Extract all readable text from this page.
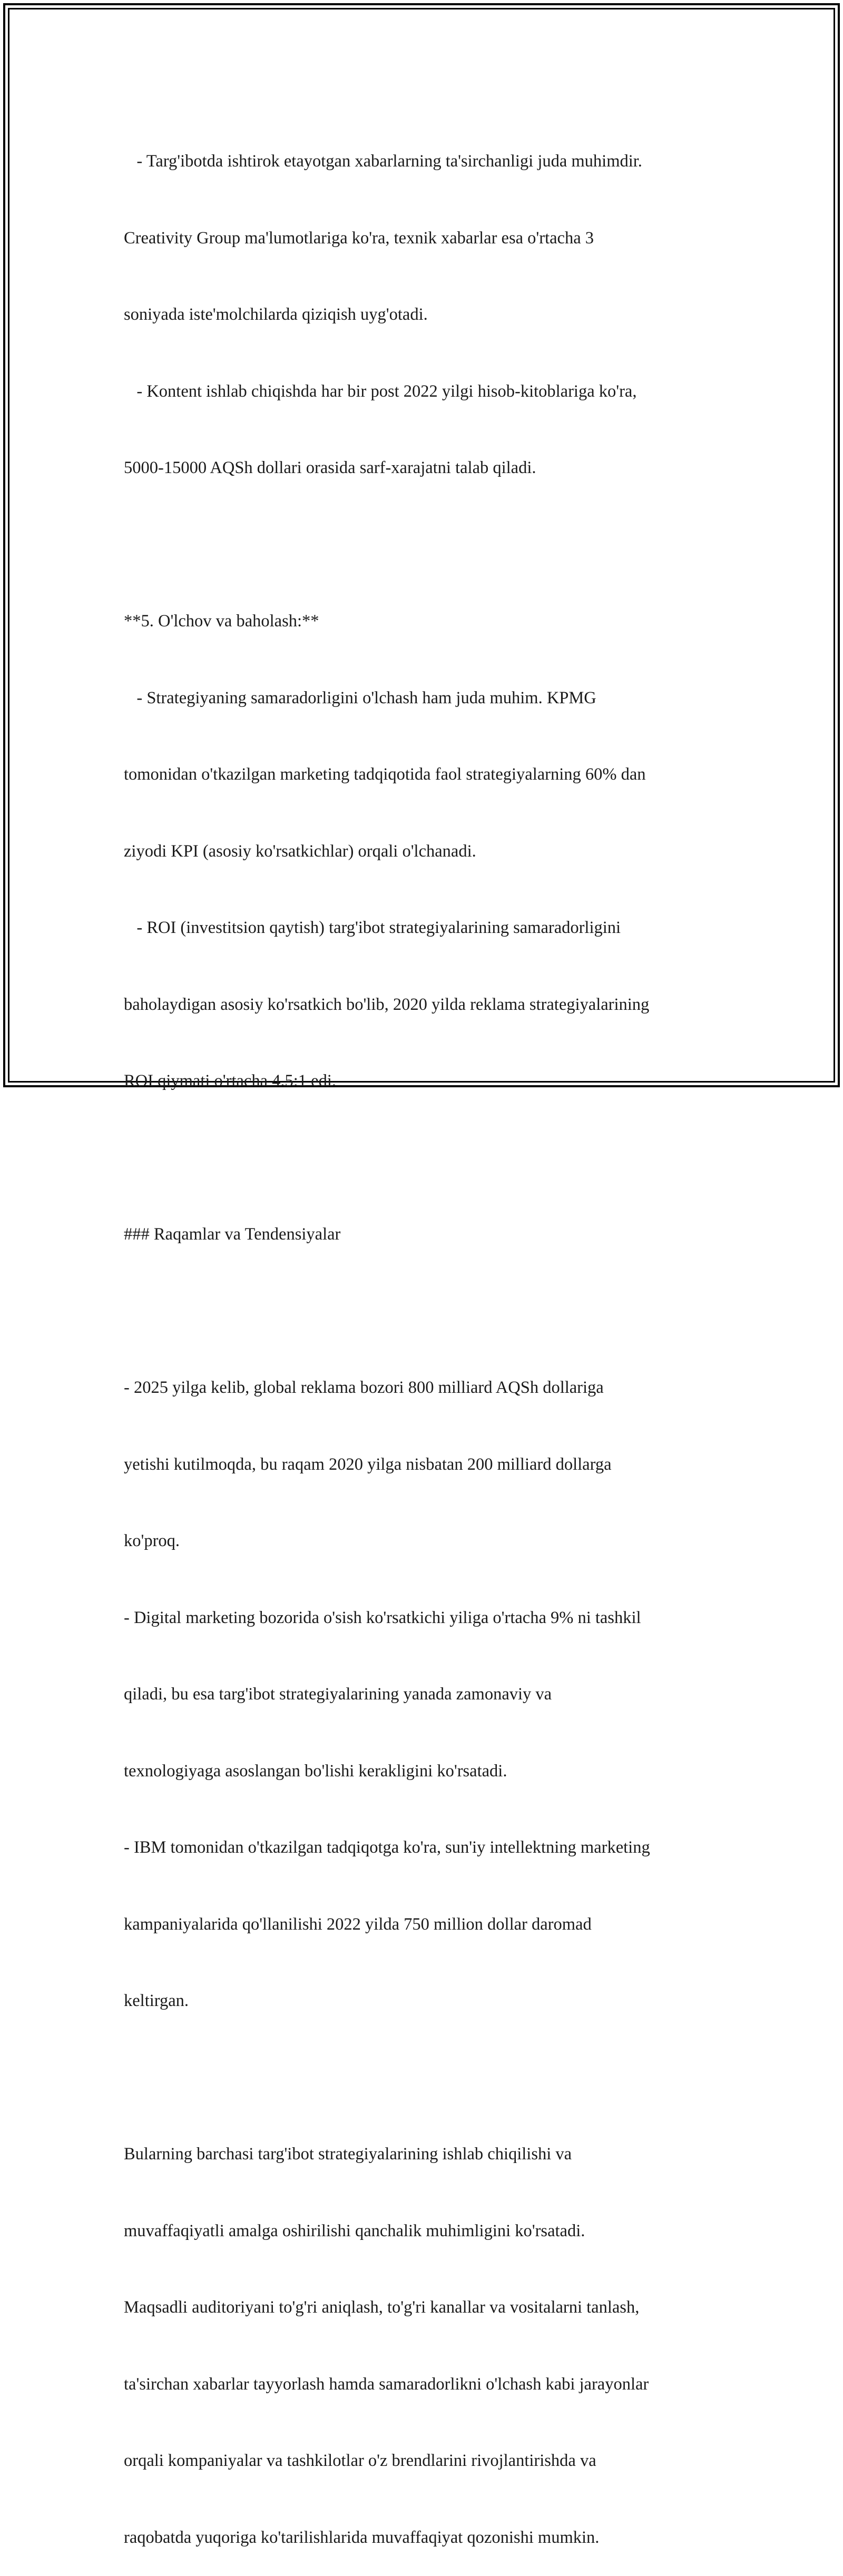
- Targ'ibotda ishtirok etayotgan xabarlarning ta'sirchanligi juda muhimdir.

Creativity Group ma'lumotlariga ko'ra, texnik xabarlar esa o'rtacha 3

soniyada iste'molchilarda qiziqish uyg'otadi.

- Kontent ishlab chiqishda har bir post 2022 yilgi hisob-kitoblariga ko'ra,

5000-15000 AQSh dollari orasida sarf-xarajatni talab qiladi.

**5. O'lchov va baholash:**

- Strategiyaning samaradorligini o'lchash ham juda muhim. KPMG

tomonidan o'tkazilgan marketing tadqiqotida faol strategiyalarning 60% dan

ziyodi KPI (asosiy ko'rsatkichlar) orqali o'lchanadi.

- ROI (investitsion qaytish) targ'ibot strategiyalarining samaradorligini

baholaydigan asosiy ko'rsatkich bo'lib, 2020 yilda reklama strategiyalarining

ROI qiymati o'rtacha 4.5:1 edi.

### Raqamlar va Tendensiyalar

- 2025 yilga kelib, global reklama bozori 800 milliard AQSh dollariga

yetishi kutilmoqda, bu raqam 2020 yilga nisbatan 200 milliard dollarga

ko'proq.

- Digital marketing bozorida o'sish ko'rsatkichi yiliga o'rtacha 9% ni tashkil

qiladi, bu esa targ'ibot strategiyalarining yanada zamonaviy va

texnologiyaga asoslangan bo'lishi kerakligini ko'rsatadi.

- IBM tomonidan o'tkazilgan tadqiqotga ko'ra, sun'iy intellektning marketing

kampaniyalarida qo'llanilishi 2022 yilda 750 million dollar daromad

keltirgan.

Bularning barchasi targ'ibot strategiyalarining ishlab chiqilishi va

muvaffaqiyatli amalga oshirilishi qanchalik muhimligini ko'rsatadi.

Maqsadli auditoriyani to'g'ri aniqlash, to'g'ri kanallar va vositalarni tanlash,

ta'sirchan xabarlar tayyorlash hamda samaradorlikni o'lchash kabi jarayonlar

orqali kompaniyalar va tashkilotlar o'z brendlarini rivojlantirishda va

raqobatda yuqoriga ko'tarilishlarida muvaffaqiyat qozonishi mumkin.
